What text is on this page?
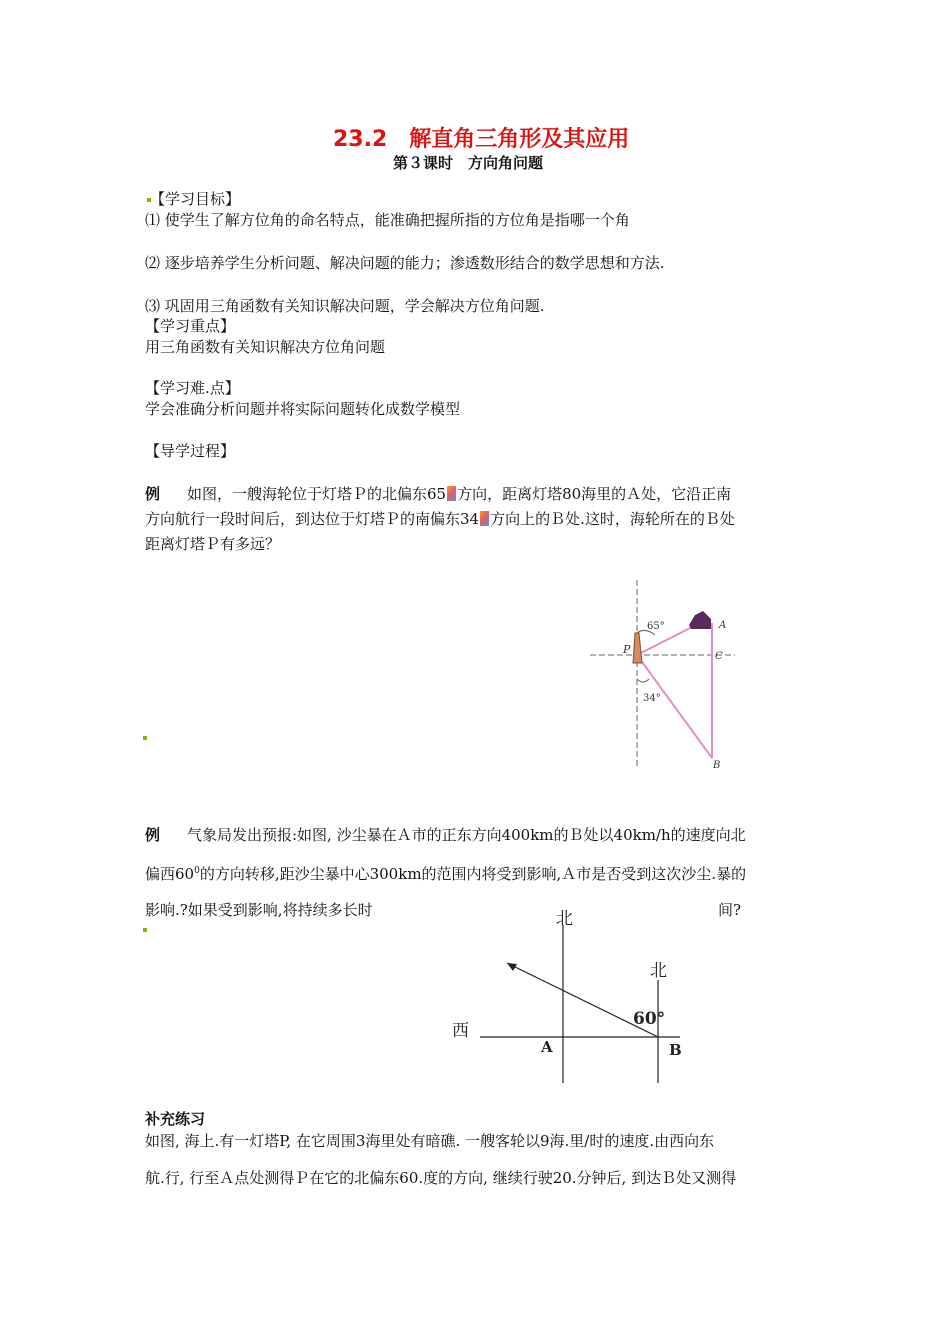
23.2　解直角三角形及其应用
第３课时　方向角问题
【学习目标】
⑴ 使学生了解方位角的命名特点，能准确把握所指的方位角是指哪一个角
⑵ 逐步培养学生分析问题、解决问题的能力；渗透数形结合的数学思想和方法.
⑶ 巩固用三角函数有关知识解决问题，学会解决方位角问题.
【学习重点】
用三角函数有关知识解决方位角问题
【学习难.点】
学会准确分析问题并将实际问题转化成数学模型
【导学过程】
例 如图，一艘海轮位于灯塔Ｐ的北偏东65 方向，距离灯塔80海里的Ａ处，它沿正南
方向航行一段时间后，到达位于灯塔Ｐ的南偏东34 方向上的Ｂ处.这时，海轮所在的Ｂ处
距离灯塔Ｐ有多远？
65°
34°
P
A
C
B
例 气象局发出预报:如图, 沙尘暴在Ａ市的正东方向400km的Ｂ处以40km/h的速度向北
偏西$60^0$的方向转移,距沙尘暴中心300km的范围内将受到影响,Ａ市是否受到这次沙尘.暴的
影响.?如果受到影响,将持续多长时	间?
北
北
西
60°
A	B
补充练习
如图, 海上.有一灯塔P, 在它周围3海里处有暗礁. 一艘客轮以9海.里/时的速度.由西向东
航.行, 行至Ａ点处测得Ｐ在它的北偏东60.度的方向, 继续行驶20.分钟后, 到达Ｂ处又测得
